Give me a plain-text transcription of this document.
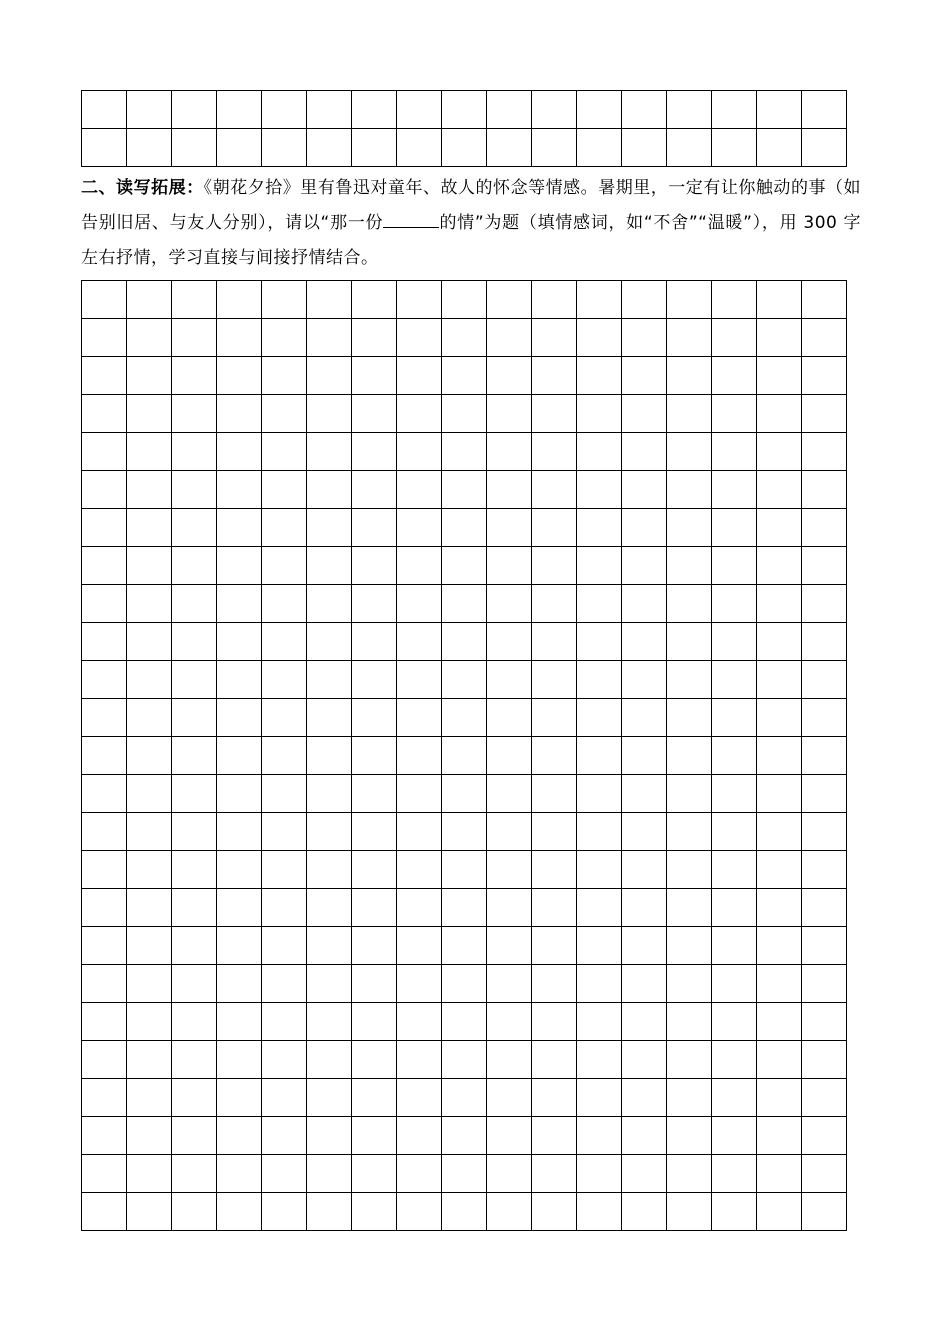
二、读写拓展：《朝花夕拾》里有鲁迅对童年、故人的怀念等情感。暑期里，一定有让你触动的事（如告别旧居、与友人分别），请以“那一份	的情”为题（填情感词，如“不舍”“温暖”），用 300 字左右抒情，学习直接与间接抒情结合。
